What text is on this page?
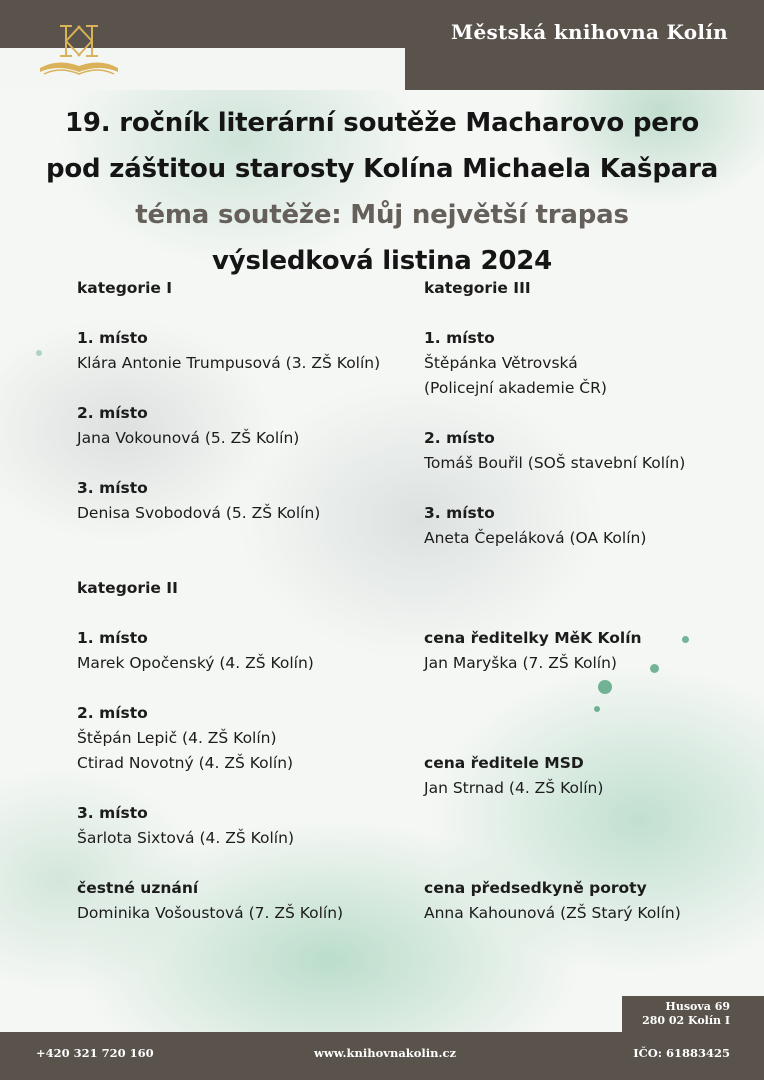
Městská knihovna Kolín
19. ročník literární soutěže Macharovo pero
pod záštitou starosty Kolína Michaela Kašpara
téma soutěže: Můj největší trapas
výsledková listina 2024
kategorie I
1. místo
Klára Antonie Trumpusová (3. ZŠ Kolín)
2. místo
Jana Vokounová (5. ZŠ Kolín)
3. místo
Denisa Svobodová (5. ZŠ Kolín)
kategorie II
1. místo
Marek Opočenský (4. ZŠ Kolín)
2. místo
Štěpán Lepič (4. ZŠ Kolín)
Ctirad Novotný (4. ZŠ Kolín)
3. místo
Šarlota Sixtová (4. ZŠ Kolín)
čestné uznání
Dominika Vošoustová (7. ZŠ Kolín)
kategorie III
1. místo
Štěpánka Větrovská
(Policejní akademie ČR)
2. místo
Tomáš Bouřil (SOŠ stavební Kolín)
3. místo
Aneta Čepeláková (OA Kolín)
cena ředitelky MěK Kolín
Jan Maryška (7. ZŠ Kolín)
cena ředitele MSD
Jan Strnad (4. ZŠ Kolín)
cena předsedkyně poroty
Anna Kahounová (ZŠ Starý Kolín)
Husova 69
280 02 Kolín I
+420 321 720 160	www.knihovnakolin.cz	IČO: 61883425
